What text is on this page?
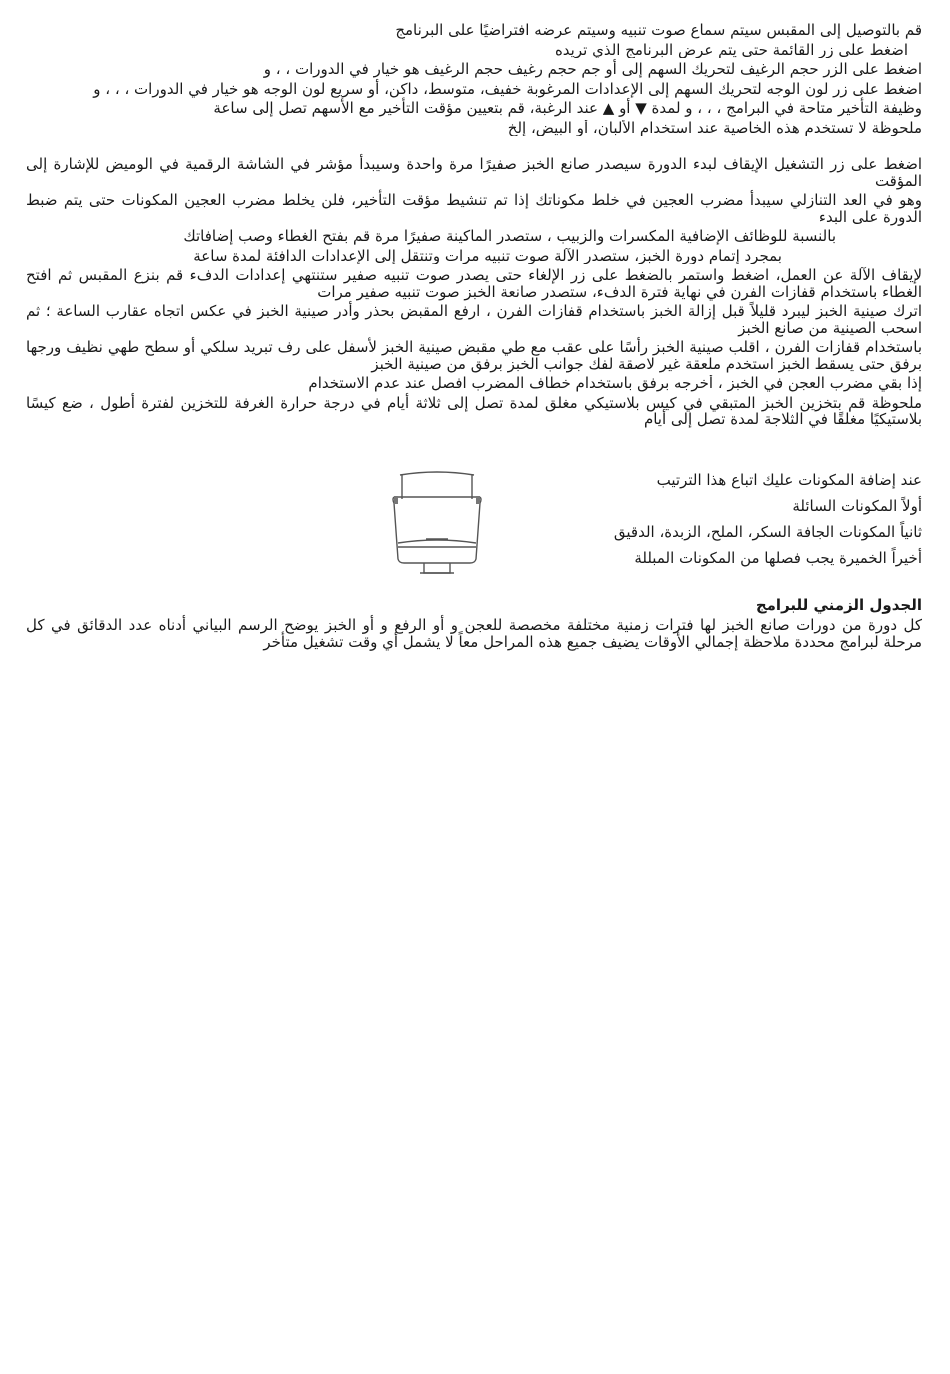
قم بالتوصيل إلى المقبس سيتم سماع صوت تنبيه وسيتم عرضه افتراضيًا على البرنامج
اضغط على زر القائمة حتى يتم عرض البرنامج الذي تريده
اضغط على الزر حجم الرغيف لتحريك السهم إلى أو جم حجم رغيف حجم الرغيف هو خيار في الدورات ، ، و
اضغط على زر لون الوجه لتحريك السهم إلى الإعدادات المرغوبة خفيف، متوسط، داكن، أو سريع لون الوجه هو خيار في الدورات ، ، ، و
وظيفة التأخير متاحة في البرامج ، ، ، و لمدة ▼ أو ▲ عند الرغبة، قم بتعيين مؤقت التأخير مع الأسهم تصل إلى ساعة
ملحوظة لا تستخدم هذه الخاصية عند استخدام الألبان، أو البيض، إلخ
اضغط على زر التشغيل الإيقاف لبدء الدورة سيصدر صانع الخبز صفيرًا مرة واحدة وسيبدأ مؤشر في الشاشة الرقمية في الوميض للإشارة إلى المؤقت
وهو في العد التنازلي سيبدأ مضرب العجين في خلط مكوناتك إذا تم تنشيط مؤقت التأخير، فلن يخلط مضرب العجين المكونات حتى يتم ضبط الدورة على البدء
بالنسبة للوظائف الإضافية المكسرات والزبيب ، ستصدر الماكينة صفيرًا مرة قم بفتح الغطاء وصب إضافاتك
بمجرد إتمام دورة الخبز، ستصدر الآلة صوت تنبيه مرات وتنتقل إلى الإعدادات الدافئة لمدة ساعة
لإيقاف الآلة عن العمل، اضغط واستمر بالضغط على زر الإلغاء حتى يصدر صوت تنبيه صفير ستنتهي إعدادات الدفء قم بنزع المقبس ثم افتح الغطاء باستخدام قفازات الفرن في نهاية فترة الدفء، ستصدر صانعة الخبز صوت تنبيه صفير مرات
اترك صينية الخبز ليبرد قليلاً قبل إزالة الخبز باستخدام قفازات الفرن ، ارفع المقبض بحذر وأدر صينية الخبز في عكس اتجاه عقارب الساعة ؛ ثم اسحب الصينية من صانع الخبز
باستخدام قفازات الفرن ، اقلب صينية الخبز رأسًا على عقب مع طي مقبض صينية الخبز لأسفل على رف تبريد سلكي أو سطح طهي نظيف ورجها برفق حتى يسقط الخبز استخدم ملعقة غير لاصقة لفك جوانب الخبز برفق من صينية الخبز
إذا بقي مضرب العجن في الخبز ، أخرجه برفق باستخدام خطاف المضرب افصل عند عدم الاستخدام
ملحوظة قم بتخزين الخبز المتبقي في كيس بلاستيكي مغلق لمدة تصل إلى ثلاثة أيام في درجة حرارة الغرفة للتخزين لفترة أطول ، ضع كيسًا بلاستيكيًا مغلقًا في الثلاجة لمدة تصل إلى أيام
عند إضافة المكونات عليك اتباع هذا الترتيب
أولاً المكونات السائلة
ثانياً المكونات الجافة السكر، الملح، الزبدة، الدقيق
أخيراً الخميرة يجب فصلها من المكونات المبللة
الجدول الزمني للبرامج
كل دورة من دورات صانع الخبز لها فترات زمنية مختلفة مخصصة للعجن و أو الرفع و أو الخبز يوضح الرسم البياني أدناه عدد الدقائق في كل مرحلة لبرامج محددة ملاحظة إجمالي الأوقات يضيف جميع هذه المراحل معاً لا يشمل أي وقت تشغيل متأخر
